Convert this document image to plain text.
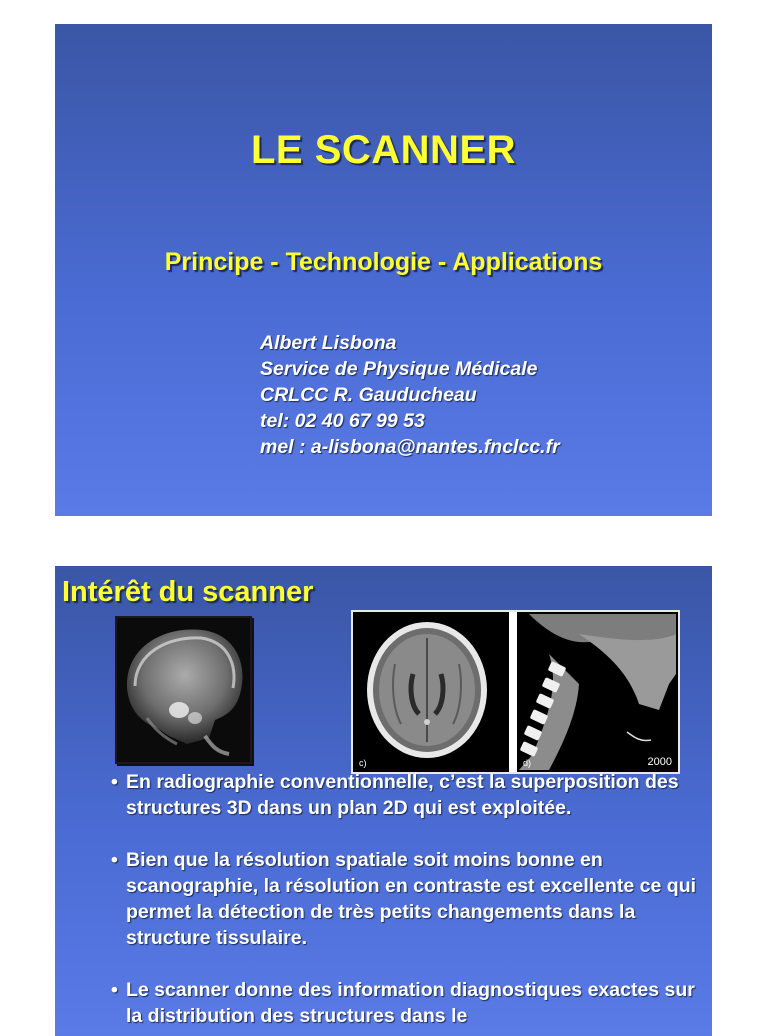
LE SCANNER
Principe - Technologie - Applications
Albert Lisbona
Service de Physique Médicale
CRLCC R. Gauducheau
tel: 02 40 67 99 53
mel : a-lisbona@nantes.fnclcc.fr
Intérêt du scanner
c)	d)	2000
• En radiographie conventionnelle, c’est la superposition des structures 3D dans un plan 2D qui est exploitée.
• Bien que la résolution spatiale soit moins bonne en scanographie, la résolution en contraste est excellente ce qui permet la détection de très petits changements dans la structure tissulaire.
• Le scanner donne des information diagnostiques exactes sur la distribution des structures dans le
